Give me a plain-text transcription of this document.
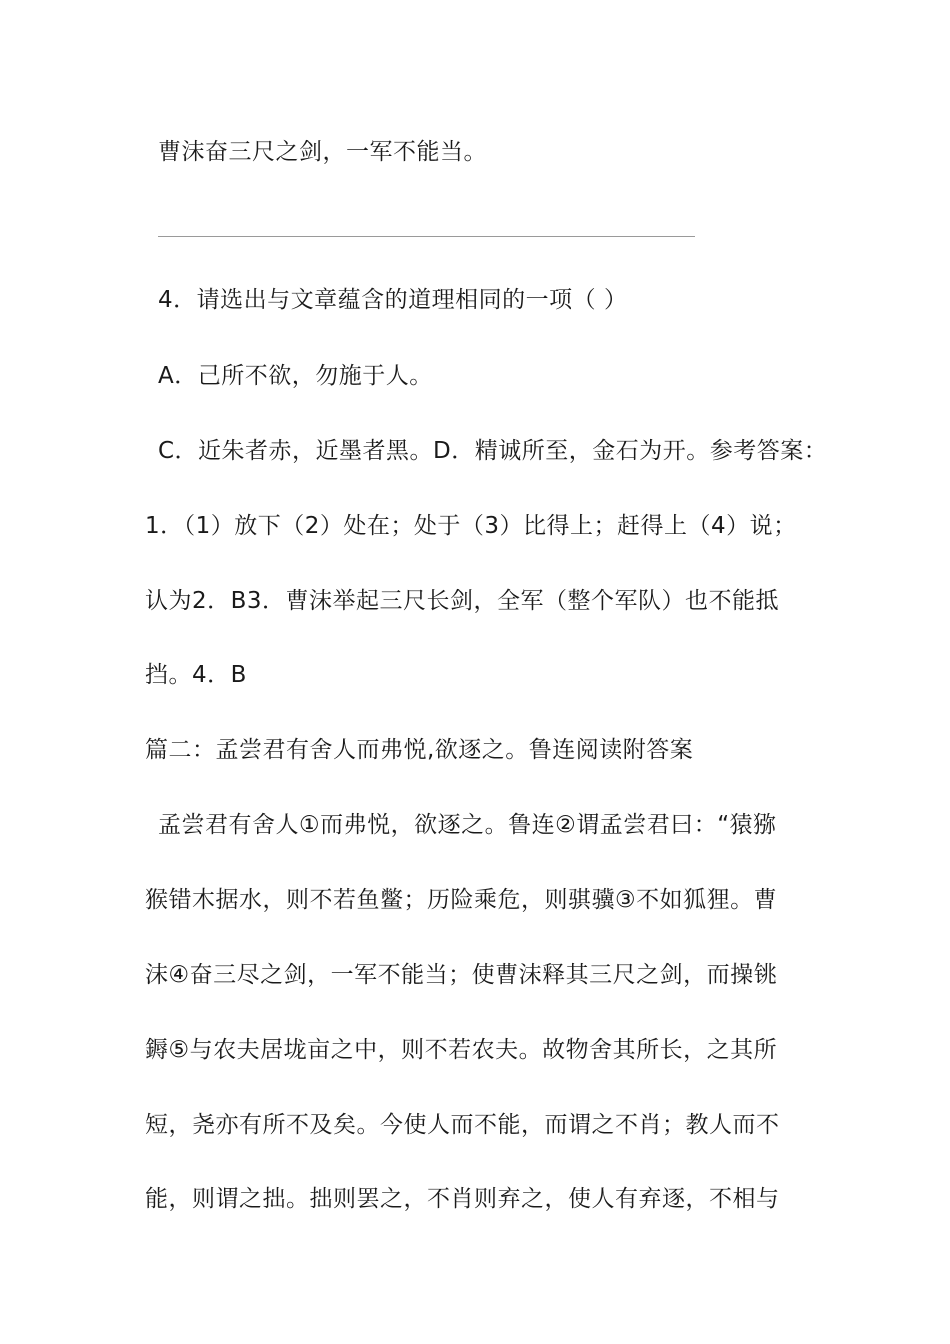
曹沫奋三尺之剑，一军不能当。
4．请选出与文章蕴含的道理相同的一项（ ）
A．己所不欲，勿施于人。
C．近朱者赤，近墨者黑。D．精诚所至，金石为开。参考答案：
1．（1）放下（2）处在；处于（3）比得上；赶得上（4）说；
认为2．B3．曹沫举起三尺长剑，全军（整个军队）也不能抵
挡。4．B
篇二：孟尝君有舍人而弗悦,欲逐之。鲁连阅读附答案
孟尝君有舍人①而弗悦，欲逐之。鲁连②谓孟尝君曰：“猿猕
猴错木据水，则不若鱼鳖；历险乘危，则骐骥③不如狐狸。曹
沫④奋三尽之剑，一军不能当；使曹沫释其三尺之剑，而操铫
鎒⑤与农夫居垅亩之中，则不若农夫。故物舍其所长，之其所
短，尧亦有所不及矣。今使人而不能，而谓之不肖；教人而不
能，则谓之拙。拙则罢之，不肖则弃之，使人有弃逐，不相与
